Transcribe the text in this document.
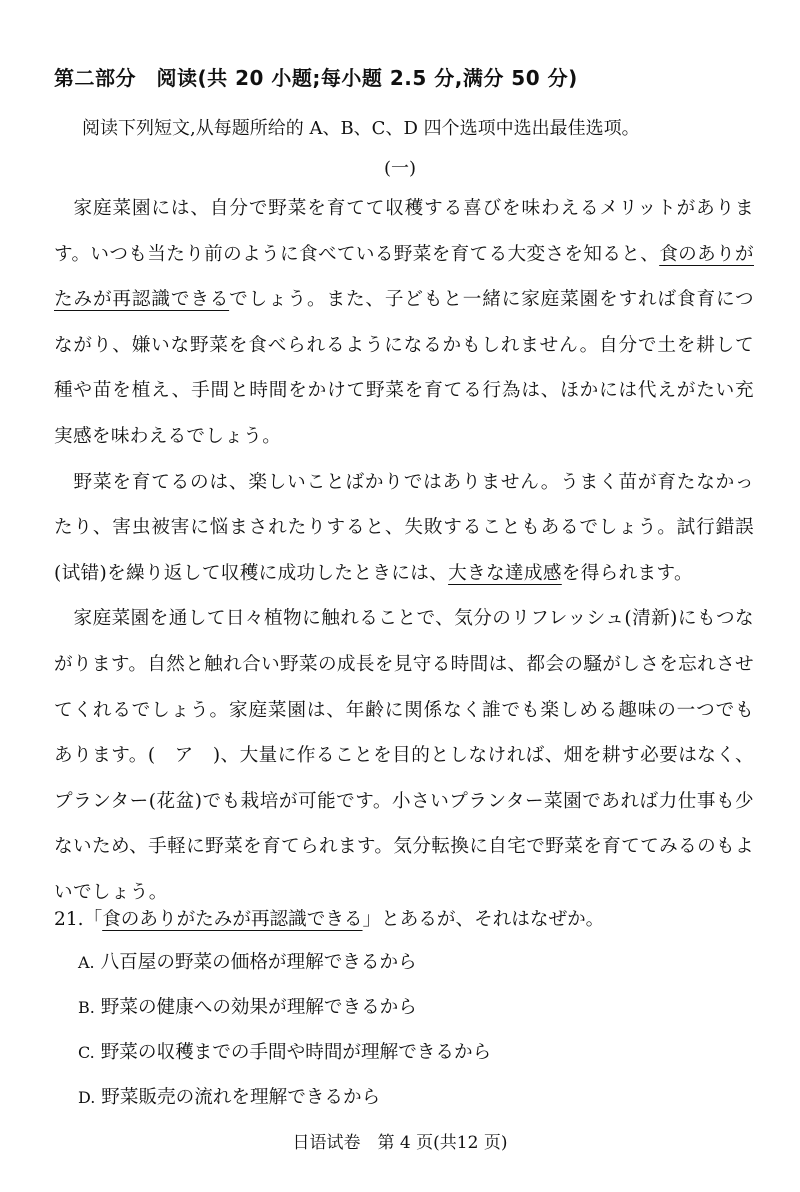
第二部分　阅读(共 20 小题;每小题 2.5 分,满分 50 分)
阅读下列短文,从每题所给的 A、B、C、D 四个选项中选出最佳选项。
(一)

家庭菜園には、自分で野菜を育てて収穫する喜びを味わえるメリットがあります。いつも当たり前のように食べている野菜を育てる大変さを知ると、食のありがたみが再認識できるでしょう。また、子どもと一緒に家庭菜園をすれば食育につながり、嫌いな野菜を食べられるようになるかもしれません。自分で土を耕して種や苗を植え、手間と時間をかけて野菜を育てる行為は、ほかには代えがたい充実感を味わえるでしょう。

野菜を育てるのは、楽しいことばかりではありません。うまく苗が育たなかったり、害虫被害に悩まされたりすると、失敗することもあるでしょう。試行錯誤(试错)を繰り返して収穫に成功したときには、大きな達成感を得られます。

家庭菜園を通して日々植物に触れることで、気分のリフレッシュ(清新)にもつながります。自然と触れ合い野菜の成長を見守る時間は、都会の騒がしさを忘れさせてくれるでしょう。家庭菜園は、年齢に関係なく誰でも楽しめる趣味の一つでもあります。(　ア　)、大量に作ることを目的としなければ、畑を耕す必要はなく、プランター(花盆)でも栽培が可能です。小さいプランター菜園であれば力仕事も少ないため、手軽に野菜を育てられます。気分転換に自宅で野菜を育ててみるのもよいでしょう。

21.「食のありがたみが再認識できる」とあるが、それはなぜか。
A. 八百屋の野菜の価格が理解できるから
B. 野菜の健康への効果が理解できるから
C. 野菜の収穫までの手間や時間が理解できるから
D. 野菜販売の流れを理解できるから
日语试卷　第 4 页(共12 页)
